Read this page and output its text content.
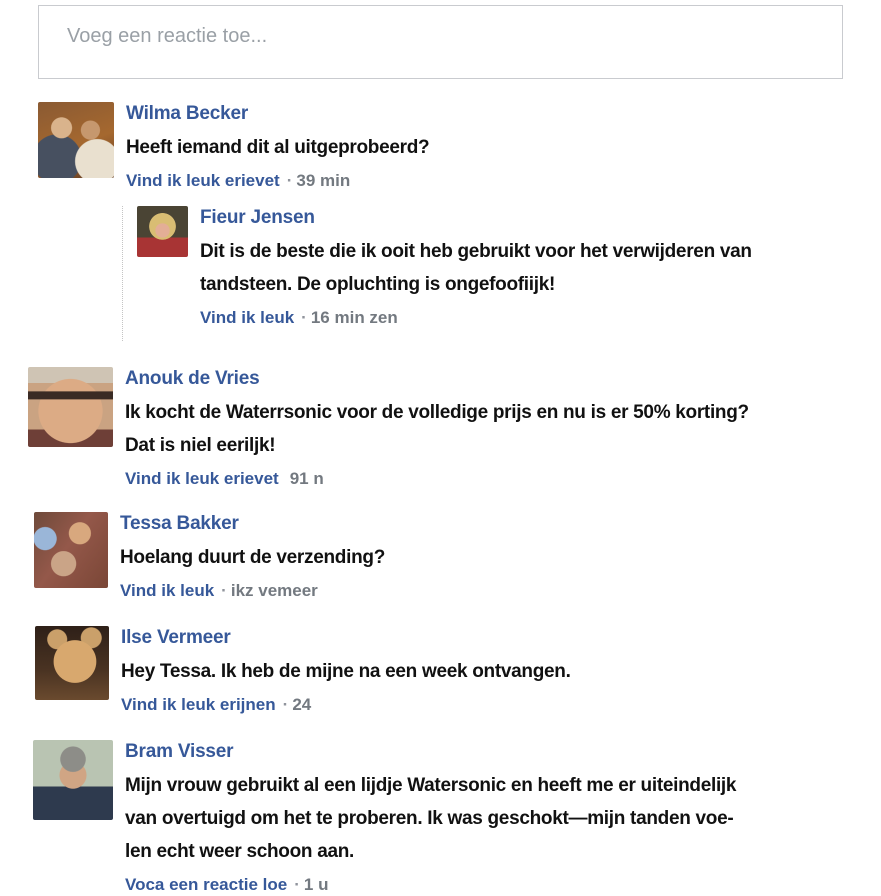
Voeg een reactie toe...
Wilma Becker
Heeft iemand dit al uitgeprobeerd?
Vind ik leuk erievet · 39 min
Fieur Jensen
Dit is de beste die ik ooit heb gebruikt voor het verwijderen van
tandsteen. De opluchting is ongefoofiijk!
Vind ik leuk · 16 min zen
Anouk de Vries
Ik kocht de Waterrsonic voor de volledige prijs en nu is er 50% korting?
Dat is niel eeriljk!
Vind ik leuk erievet 91 n
Tessa Bakker
Hoelang duurt de verzending?
Vind ik leuk · ikz vemeer
Ilse Vermeer
Hey Tessa. Ik heb de mijne na een week ontvangen.
Vind ik leuk erijnen · 24
Bram Visser
Mijn vrouw gebruikt al een lijdje Watersonic en heeft me er uiteindelijk
van overtuigd om het te proberen. Ik was geschokt—mijn tanden voe-
len echt weer schoon aan.
Voca een reactie loe · 1 u
